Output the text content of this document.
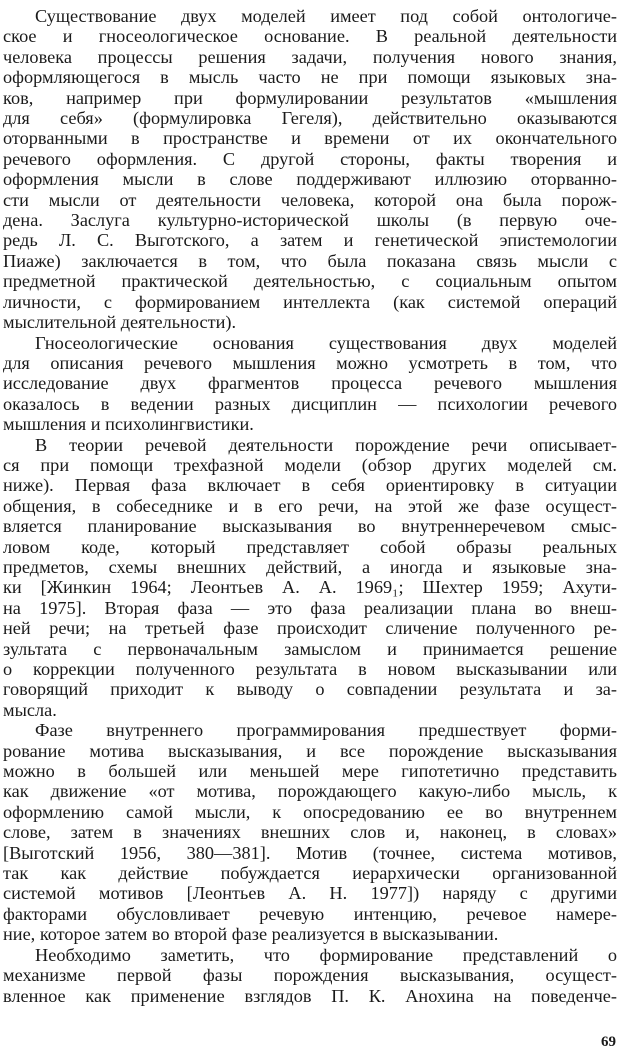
Существование двух моделей имеет под собой онтологиче-
ское и гносеологическое основание. В реальной деятельности
человека процессы решения задачи, получения нового знания,
оформляющегося в мысль часто не при помощи языковых зна-
ков, например при формулировании результатов «мышления
для себя» (формулировка Гегеля), действительно оказываются
оторванными в пространстве и времени от их окончательного
речевого оформления. С другой стороны, факты творения и
оформления мысли в слове поддерживают иллюзию оторванно-
сти мысли от деятельности человека, которой она была порож-
дена. Заслуга культурно-исторической школы (в первую оче-
редь Л. С. Выготского, а затем и генетической эпистемологии
Пиаже) заключается в том, что была показана связь мысли с
предметной практической деятельностью, с социальным опытом
личности, с формированием интеллекта (как системой операций
мыслительной деятельности).
Гносеологические основания существования двух моделей
для описания речевого мышления можно усмотреть в том, что
исследование двух фрагментов процесса речевого мышления
оказалось в ведении разных дисциплин — психологии речевого
мышления и психолингвистики.
В теории речевой деятельности порождение речи описывает-
ся при помощи трехфазной модели (обзор других моделей см.
ниже). Первая фаза включает в себя ориентировку в ситуации
общения, в собеседнике и в его речи, на этой же фазе осущест-
вляется планирование высказывания во внутреннеречевом смыс-
ловом коде, который представляет собой образы реальных
предметов, схемы внешних действий, а иногда и языковые зна-
ки [Жинкин 1964; Леонтьев А. А. 1969₁; Шехтер 1959; Ахути-
на 1975]. Вторая фаза — это фаза реализации плана во внеш-
ней речи; на третьей фазе происходит сличение полученного ре-
зультата с первоначальным замыслом и принимается решение
о коррекции полученного результата в новом высказывании или
говорящий приходит к выводу о совпадении результата и за-
мысла.
Фазе внутреннего программирования предшествует форми-
рование мотива высказывания, и все порождение высказывания
можно в большей или меньшей мере гипотетично представить
как движение «от мотива, порождающего какую-либо мысль, к
оформлению самой мысли, к опосредованию ее во внутреннем
слове, затем в значениях внешних слов и, наконец, в словах»
[Выготский 1956, 380—381]. Мотив (точнее, система мотивов,
так как действие побуждается иерархически организованной
системой мотивов [Леонтьев А. Н. 1977]) наряду с другими
факторами обусловливает речевую интенцию, речевое намере-
ние, которое затем во второй фазе реализуется в высказывании.
Необходимо заметить, что формирование представлений о
механизме первой фазы порождения высказывания, осущест-
вленное как применение взглядов П. К. Анохина на поведенче-
69
